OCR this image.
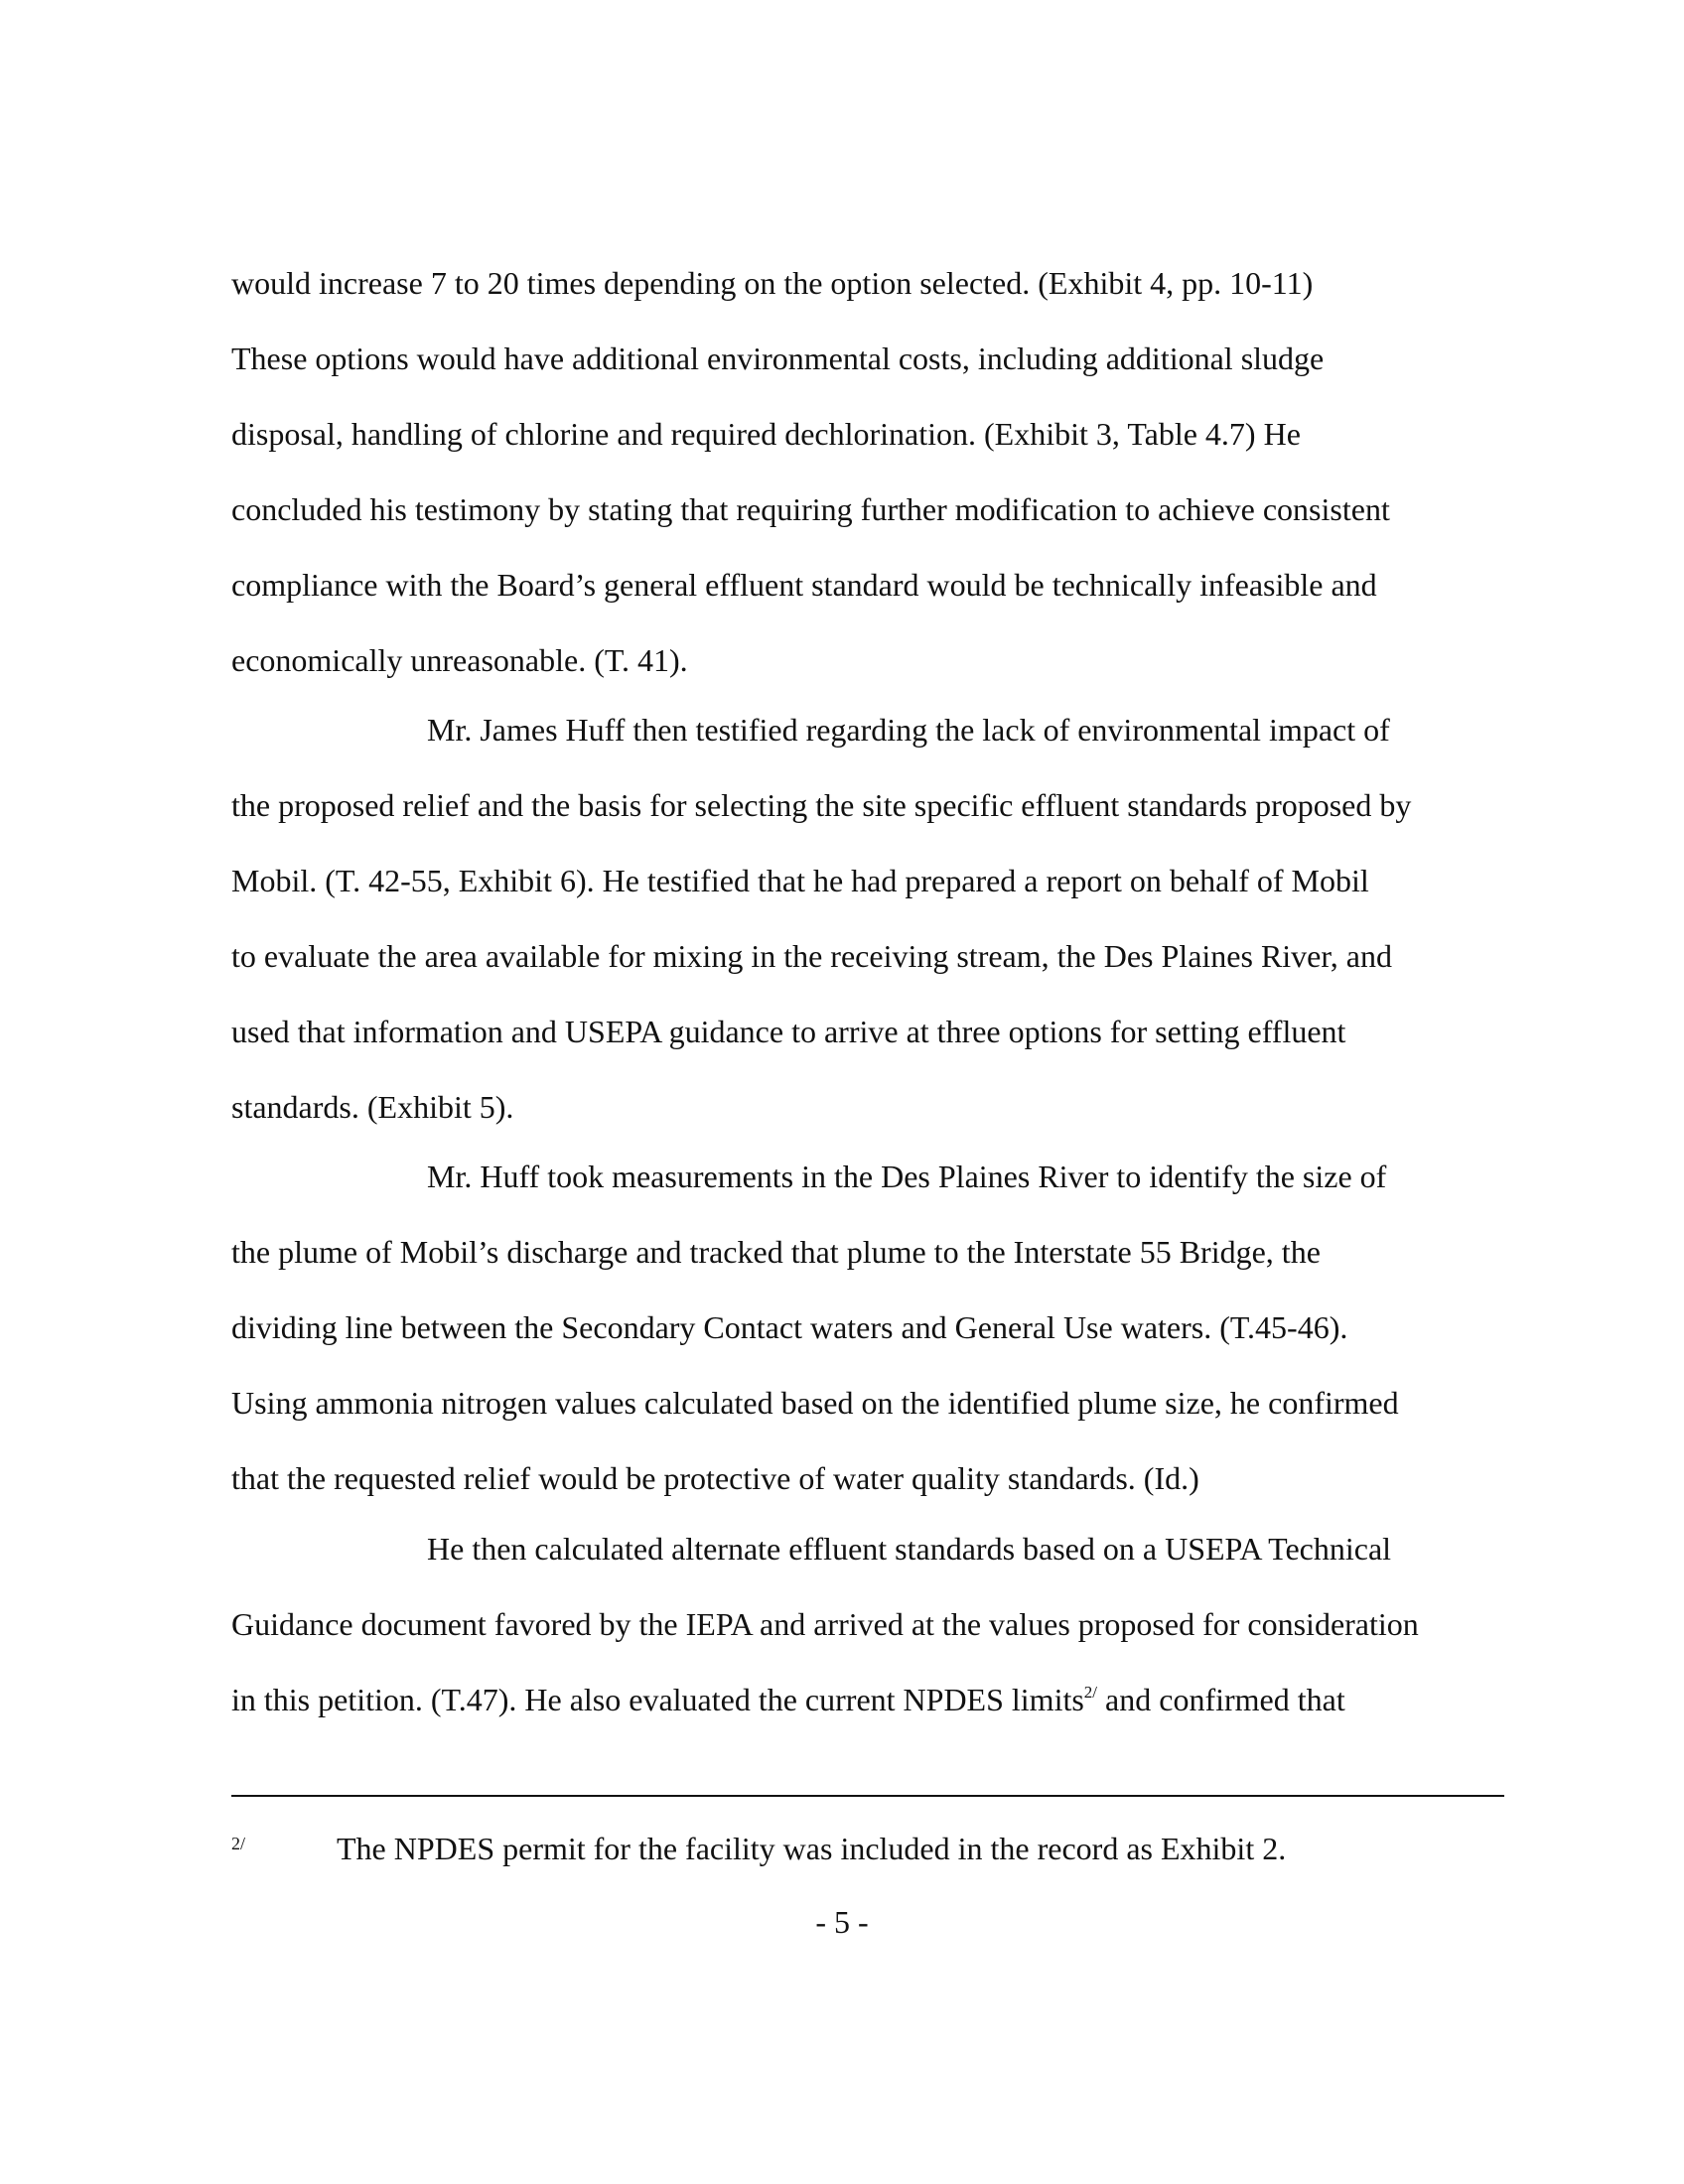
would increase 7 to 20 times depending on the option selected. (Exhibit 4, pp. 10-11)
These options would have additional environmental costs, including additional sludge
disposal, handling of chlorine and required dechlorination. (Exhibit 3, Table 4.7) He
concluded his testimony by stating that requiring further modification to achieve consistent
compliance with the Board’s general effluent standard would be technically infeasible and
economically unreasonable. (T. 41).
Mr. James Huff then testified regarding the lack of environmental impact of
the proposed relief and the basis for selecting the site specific effluent standards proposed by
Mobil. (T. 42-55, Exhibit 6). He testified that he had prepared a report on behalf of Mobil
to evaluate the area available for mixing in the receiving stream, the Des Plaines River, and
used that information and USEPA guidance to arrive at three options for setting effluent
standards. (Exhibit 5).
Mr. Huff took measurements in the Des Plaines River to identify the size of
the plume of Mobil’s discharge and tracked that plume to the Interstate 55 Bridge, the
dividing line between the Secondary Contact waters and General Use waters. (T.45-46).
Using ammonia nitrogen values calculated based on the identified plume size, he confirmed
that the requested relief would be protective of water quality standards. (Id.)
He then calculated alternate effluent standards based on a USEPA Technical
Guidance document favored by the IEPA and arrived at the values proposed for consideration
in this petition. (T.47). He also evaluated the current NPDES limits$^{2/}$ and confirmed that
2/	The NPDES permit for the facility was included in the record as Exhibit 2.
- 5 -
